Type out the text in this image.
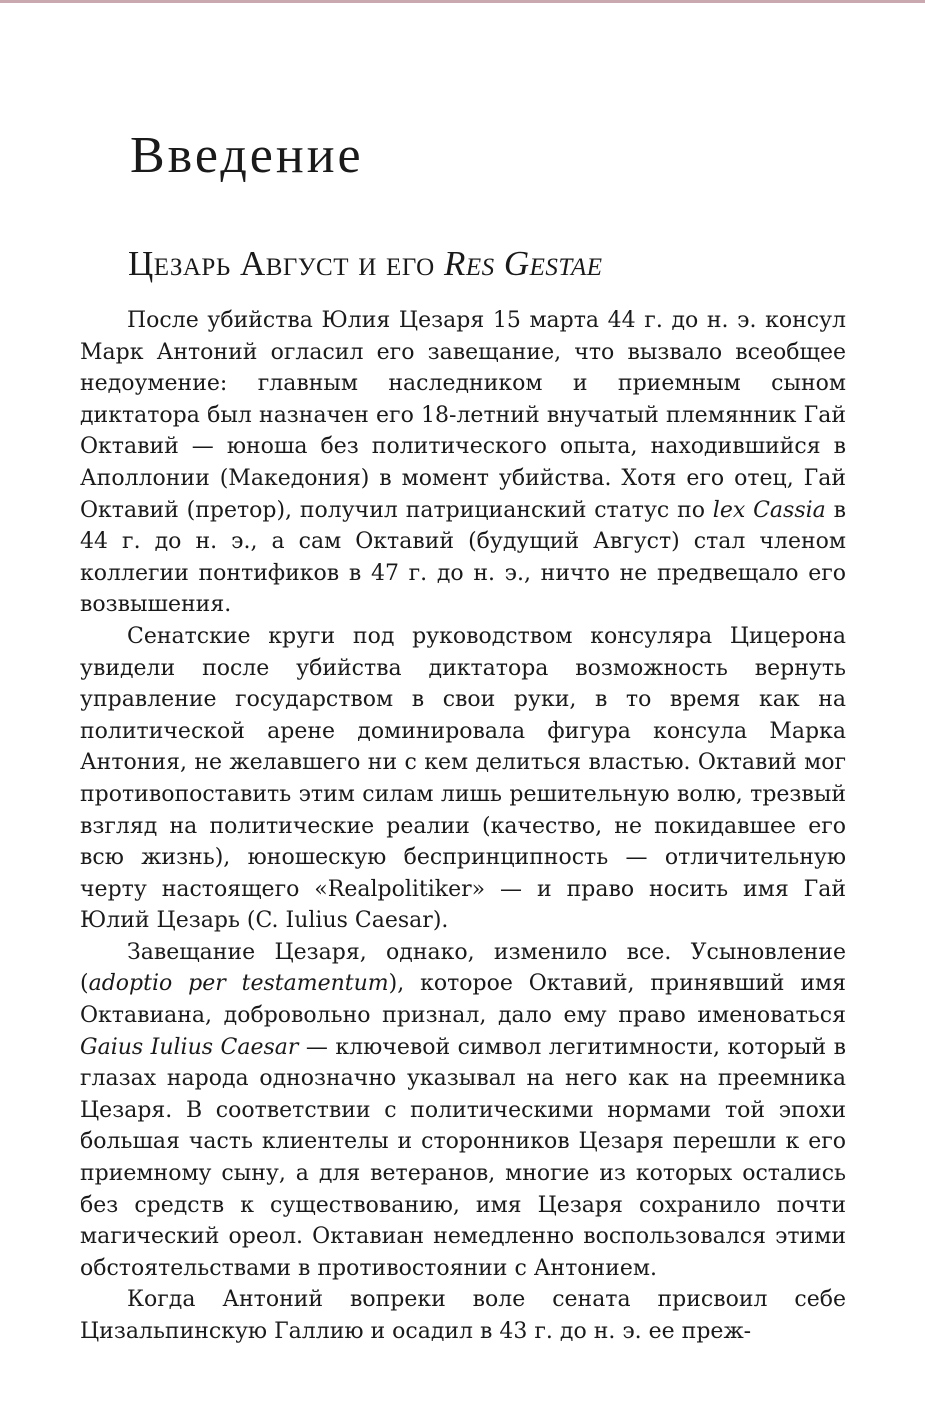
Введение
Цезарь Август и его Res Gestae

После убийства Юлия Цезаря 15 марта 44 г. до н. э. консул Марк Антоний огласил его завещание, что вызвало всеобщее недоумение: главным наследником и приемным сыном диктатора был назначен его 18-летний внучатый племянник Гай Октавий — юноша без политического опыта, находившийся в Аполлонии (Македония) в момент убийства. Хотя его отец, Гай Октавий (претор), получил патрицианский статус по lex Cassia в 44 г. до н. э., а сам Октавий (будущий Август) стал членом коллегии понтификов в 47 г. до н. э., ничто не предвещало его возвышения.

Сенатские круги под руководством консуляра Цицерона увидели после убийства диктатора возможность вернуть управление государством в свои руки, в то время как на политической арене доминировала фигура консула Марка Антония, не желавшего ни с кем делиться властью. Октавий мог противопоставить этим силам лишь решительную волю, трезвый взгляд на политические реалии (качество, не покидавшее его всю жизнь), юношескую беспринципность — отличительную черту настоящего «Realpolitiker» — и право носить имя Гай Юлий Цезарь (C. Iulius Caesar).

Завещание Цезаря, однако, изменило все. Усыновление (adoptio per testamentum), которое Октавий, принявший имя Октавиана, добровольно признал, дало ему право именоваться Gaius Iulius Caesar — ключевой символ легитимности, который в глазах народа однозначно указывал на него как на преемника Цезаря. В соответствии с политическими нормами той эпохи большая часть клиентелы и сторонников Цезаря перешли к его приемному сыну, а для ветеранов, многие из которых остались без средств к существованию, имя Цезаря сохранило почти магический ореол. Октавиан немедленно воспользовался этими обстоятельствами в противостоянии с Антонием.

Когда Антоний вопреки воле сената присвоил себе Цизальпинскую Галлию и осадил в 43 г. до н. э. ее преж-
